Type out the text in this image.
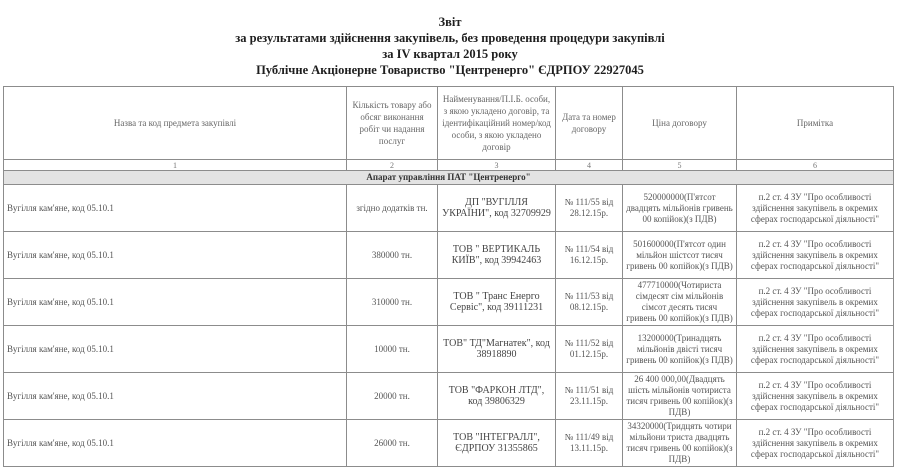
Звіт
за результатами здійснення закупівель, без проведення процедури закупівлі
за IV квартал 2015 року
Публічне Акціонерне Товариство "Центренерго" ЄДРПОУ 22927045
Назва та код предмета закупівлі	Кількість товару або обсяг виконання робіт чи надання послуг	Найменування/П.І.Б. особи, з якою укладено договір, та ідентифікаційний номер/код особи, з якою укладено договір	Дата та номер договору	Ціна договору	Примітка
1	2	3	4	5	6
Апарат управління ПАТ "Центренерго"					
Вугілля кам'яне, код 05.10.1	згідно додатків тн.	ДП "ВУГІЛЛЯ УКРАЇНИ", код 32709929	№ 111/55 від 28.12.15р.	520000000(П'ятсот двадцять мільйонів гривень 00 копійок)(з ПДВ)	п.2 ст. 4 ЗУ "Про особливості здійснення закупівель в окремих сферах господарської діяльності"
Вугілля кам'яне, код 05.10.1	380000 тн.	ТОВ " ВЕРТИКАЛЬ КИЇВ", код 39942463	№ 111/54 від 16.12.15р.	501600000(П'ятсот один мільйон шістсот тисяч гривень 00 копійок)(з ПДВ)	п.2 ст. 4 ЗУ "Про особливості здійснення закупівель в окремих сферах господарської діяльності"
Вугілля кам'яне, код 05.10.1	310000 тн.	ТОВ " Транс Енерго Сервіс", код 39111231	№ 111/53 від 08.12.15р.	477710000(Чотириста сімдесят сім мільйонів сімсот десять тисяч гривень 00 копійок)(з ПДВ)	п.2 ст. 4 ЗУ "Про особливості здійснення закупівель в окремих сферах господарської діяльності"
Вугілля кам'яне, код 05.10.1	10000 тн.	ТОВ" ТД"Магнатек", код 38918890	№ 111/52 від 01.12.15р.	13200000(Тринадцять мільйонів двісті тисяч гривень 00 копійок)(з ПДВ)	п.2 ст. 4 ЗУ "Про особливості здійснення закупівель в окремих сферах господарської діяльності"
Вугілля кам'яне, код 05.10.1	20000 тн.	ТОВ "ФАРКОН ЛТД", код 39806329	№ 111/51 від 23.11.15р.	26 400 000,00(Двадцять шість мільйонів чотириста тисяч гривень 00 копійок)(з ПДВ)	п.2 ст. 4 ЗУ "Про особливості здійснення закупівель в окремих сферах господарської діяльності"
Вугілля кам'яне, код 05.10.1	26000 тн.	ТОВ "ІНТЕГРАЛЛ", ЄДРПОУ 31355865	№ 111/49 від 13.11.15р.	34320000(Тридцять чотири мільйони триста двадцять тисяч гривень 00 копійок)(з ПДВ)	п.2 ст. 4 ЗУ "Про особливості здійснення закупівель в окремих сферах господарської діяльності"
